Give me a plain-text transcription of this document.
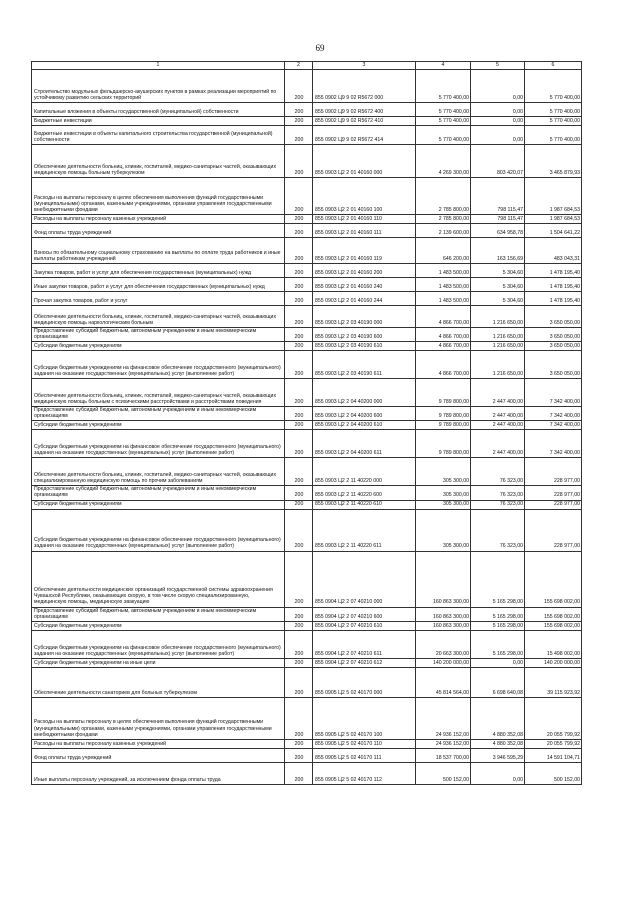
69
1	2	3	4	5	6
Строительство модульных фельдшерско-акушерских пунктов в рамках реализации мероприятий по устойчивому развитию сельских территорий	200	855 0902 Ц9 9 02 R5672 000	5 770 400,00	0,00	5 770 400,00
Капитальные вложения в объекты государственной (муниципальной) собственности	200	855 0902 Ц9 9 02 R5672 400	5 770 400,00	0,00	5 770 400,00
Бюджетные инвестиции	200	855 0902 Ц9 9 02 R5672 410	5 770 400,00	0,00	5 770 400,00
Бюджетные инвестиции в объекты капитального строительства государственной (муниципальной) собственности	200	855 0902 Ц9 9 02 R5672 414	5 770 400,00	0,00	5 770 400,00
Обеспечение деятельности больниц, клиник, госпиталей, медико-санитарных частей, оказывающих медицинскую помощь больным туберкулезом	200	855 0903 Ц2 2 01 40160 000	4 269 300,00	803 420,07	3 465 879,93
Расходы на выплаты персоналу в целях обеспечения выполнения функций государственными (муниципальными) органами, казенными учреждениями, органами управления государственными внебюджетными фондами	200	855 0903 Ц2 2 01 40160 100	2 785 800,00	798 115,47	1 987 684,53
Расходы на выплаты персоналу казенных учреждений	200	855 0903 Ц2 2 01 40160 110	2 785 800,00	798 115,47	1 987 684,53
Фонд оплаты труда учреждений	200	855 0903 Ц2 2 01 40160 111	2 139 600,00	634 958,78	1 504 641,22
Взносы по обязательному социальному страхованию на выплаты по оплате труда работников и иные выплаты работникам учреждений	200	855 0903 Ц2 2 01 40160 119	646 200,00	163 156,69	483 043,31
Закупка товаров, работ и услуг для обеспечения государственных (муниципальных) нужд	200	855 0903 Ц2 2 01 40160 200	1 483 500,00	5 304,60	1 478 195,40
Иные закупки товаров, работ и услуг для обеспечения государственных (муниципальных) нужд	200	855 0903 Ц2 2 01 40160 240	1 483 500,00	5 304,60	1 478 195,40
Прочая закупка товаров, работ и услуг	200	855 0903 Ц2 2 01 40160 244	1 483 500,00	5 304,60	1 478 195,40
Обеспечение деятельности больниц, клиник, госпиталей, медико-санитарных частей, оказывающих медицинскую помощь наркологическим больным	200	855 0903 Ц2 2 03 40190 000	4 866 700,00	1 216 650,00	3 650 050,00
Предоставление субсидий бюджетным, автономным учреждениям и иным некоммерческим организациям	200	855 0903 Ц2 2 03 40190 600	4 866 700,00	1 216 650,00	3 650 050,00
Субсидии бюджетным учреждениям	200	855 0903 Ц2 2 03 40190 610	4 866 700,00	1 216 650,00	3 650 050,00
Субсидии бюджетным учреждениям на финансовое обеспечение государственного (муниципального) задания на оказание государственных (муниципальных) услуг (выполнение работ)	200	855 0903 Ц2 2 03 40190 611	4 866 700,00	1 216 650,00	3 650 050,00
Обеспечение деятельности больниц, клиник, госпиталей, медико-санитарных частей, оказывающих медицинскую помощь больным с психическими расстройствами и расстройствами поведения	200	855 0903 Ц2 2 04 40200 000	9 789 800,00	2 447 400,00	7 342 400,00
Предоставление субсидий бюджетным, автономным учреждениям и иным некоммерческим организациям	200	855 0903 Ц2 2 04 40200 600	9 789 800,00	2 447 400,00	7 342 400,00
Субсидии бюджетным учреждениям	200	855 0903 Ц2 2 04 40200 610	9 789 800,00	2 447 400,00	7 342 400,00
Субсидии бюджетным учреждениям на финансовое обеспечение государственного (муниципального) задания на оказание государственных (муниципальных) услуг (выполнение работ)	200	855 0903 Ц2 2 04 40200 611	9 789 800,00	2 447 400,00	7 342 400,00
Обеспечение деятельности больниц, клиник, госпиталей, медико-санитарных частей, оказывающих специализированную медицинскую помощь по прочим заболеваниям	200	855 0903 Ц2 2 11 40220 000	305 300,00	76 323,00	228 977,00
Предоставление субсидий бюджетным, автономным учреждениям и иным некоммерческим организациям	200	855 0903 Ц2 2 11 40220 600	305 300,00	76 323,00	228 977,00
Субсидии бюджетным учреждениям	200	855 0903 Ц2 2 11 40220 610	305 300,00	76 323,00	228 977,00
Субсидии бюджетным учреждениям на финансовое обеспечение государственного (муниципального) задания на оказание государственных (муниципальных) услуг (выполнение работ)	200	855 0903 Ц2 2 11 40220 611	305 300,00	76 323,00	228 977,00
Обеспечение деятельности медицинских организаций государственной системы здравоохранения Чувашской Республики, оказывающих скорую, в том числе скорую специализированную, медицинскую помощь, медицинскую эвакуацию	200	855 0904 Ц2 2 07 40210 000	160 863 300,00	5 165 298,00	155 698 002,00
Предоставление субсидий бюджетным, автономным учреждениям и иным некоммерческим организациям	200	855 0904 Ц2 2 07 40210 600	160 863 300,00	5 165 298,00	155 698 002,00
Субсидии бюджетным учреждениям	200	855 0904 Ц2 2 07 40210 610	160 863 300,00	5 165 298,00	155 698 002,00
Субсидии бюджетным учреждениям на финансовое обеспечение государственного (муниципального) задания на оказание государственных (муниципальных) услуг (выполнение работ)	200	855 0904 Ц2 2 07 40210 611	20 663 300,00	5 165 298,00	15 498 002,00
Субсидии бюджетным учреждениям на иные цели	200	855 0904 Ц2 2 07 40210 612	140 200 000,00	0,00	140 200 000,00
Обеспечение деятельности санаториев для больных туберкулезом	200	855 0905 Ц2 5 02 40170 000	45 814 564,00	6 698 640,08	39 115 923,92
Расходы на выплаты персоналу в целях обеспечения выполнения функций государственными (муниципальными) органами, казенными учреждениями, органами управления государственными внебюджетными фондами	200	855 0905 Ц2 5 02 40170 100	24 936 152,00	4 880 352,08	20 055 799,92
Расходы на выплаты персоналу казенных учреждений	200	855 0905 Ц2 5 02 40170 110	24 936 152,00	4 880 352,08	20 055 799,92
Фонд оплаты труда учреждений	200	855 0905 Ц2 5 02 40170 111	18 537 700,00	3 946 595,29	14 591 104,71
Иные выплаты персоналу учреждений, за исключением фонда оплаты труда	200	855 0905 Ц2 5 02 40170 112	500 152,00	0,00	500 152,00
